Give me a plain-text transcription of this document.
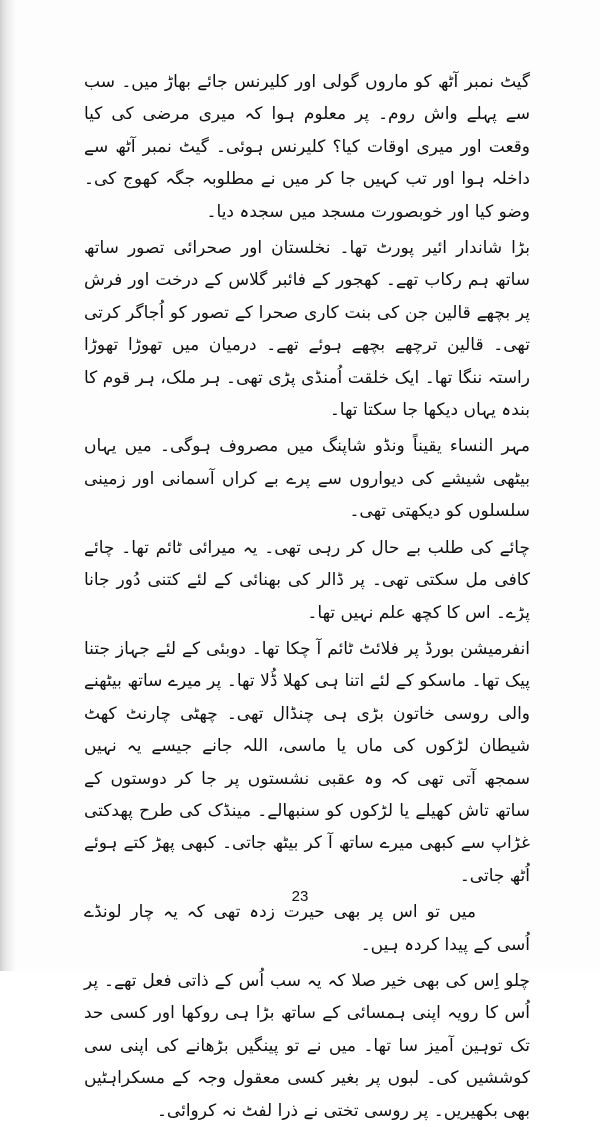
گیٹ نمبر آٹھ کو ماروں گولی اور کلیرنس جائے بھاڑ میں۔ سب سے پہلے واش روم۔ پر معلوم ہوا کہ میری مرضی کی کیا وقعت اور میری اوقات کیا؟ کلیرنس ہوئی۔ گیٹ نمبر آٹھ سے داخلہ ہوا اور تب کہیں جا کر میں نے مطلوبہ جگہ کھوج کی۔ وضو کیا اور خوبصورت مسجد میں سجدہ دیا۔

بڑا شاندار ائیر پورٹ تھا۔ نخلستان اور صحرائی تصور ساتھ ساتھ ہم رکاب تھے۔ کھجور کے فائبر گلاس کے درخت اور فرش پر بچھے قالین جن کی بنت کاری صحرا کے تصور کو اُجاگر کرتی تھی۔ قالین ترچھے بچھے ہوئے تھے۔ درمیان میں تھوڑا تھوڑا راستہ ننگا تھا۔ ایک خلقت اُمنڈی پڑی تھی۔ ہر ملک، ہر قوم کا بندہ یہاں دیکھا جا سکتا تھا۔

مہر النساء یقیناً ونڈو شاپنگ میں مصروف ہوگی۔ میں یہاں بیٹھی شیشے کی دیواروں سے پرے بے کراں آسمانی اور زمینی سلسلوں کو دیکھتی تھی۔

چائے کی طلب بے حال کر رہی تھی۔ یہ میرائی ٹائم تھا۔ چائے کافی مل سکتی تھی۔ پر ڈالر کی بھنائی کے لئے کتنی دُور جانا پڑے۔ اس کا کچھ علم نہیں تھا۔

انفرمیشن بورڈ پر فلائٹ ٹائم آ چکا تھا۔ دوبئی کے لئے جہاز جتنا پیک تھا۔ ماسکو کے لئے اتنا ہی کھلا ڈُلا تھا۔ پر میرے ساتھ بیٹھنے والی روسی خاتون بڑی ہی چنڈال تھی۔ چھٹی چارنٹ کھٹ شیطان لڑکوں کی ماں یا ماسی، اللہ جانے جیسے یہ نہیں سمجھ آتی تھی کہ وہ عقبی نشستوں پر جا کر دوستوں کے ساتھ تاش کھیلے یا لڑکوں کو سنبھالے۔ مینڈک کی طرح پھدکتی غڑاپ سے کبھی میرے ساتھ آ کر بیٹھ جاتی۔ کبھی پھڑ کتے ہوئے اُٹھ جاتی۔

میں تو اس پر بھی حیرت زدہ تھی کہ یہ چار لونڈے اُسی کے پیدا کردہ ہیں۔

چلو اِس کی بھی خیر صلا کہ یہ سب اُس کے ذاتی فعل تھے۔ پر اُس کا رویہ اپنی ہمسائی کے ساتھ بڑا ہی روکھا اور کسی حد تک توہین آمیز سا تھا۔ میں نے تو پینگیں بڑھانے کی اپنی سی کوششیں کی۔ لبوں پر بغیر کسی معقول وجہ کے مسکراہٹیں بھی بکھیریں۔ پر روسی تختی نے ذرا لفٹ نہ کروائی۔

23
